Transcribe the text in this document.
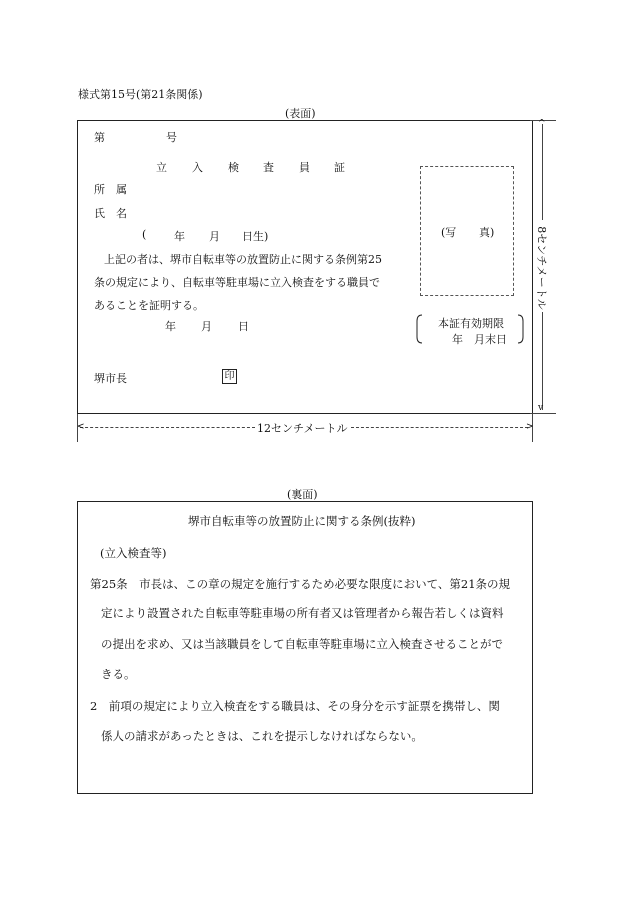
様式第15号(第21条関係)
(表面)
第	号
立 入 検 査 員 証
所 属
氏 名
(	年 月 日生)
上記の者は、堺市自転車等の放置防止に関する条例第25
条の規定により、自転車等駐車場に立入検査をする職員で
あることを証明する。
年 月 日
(写 真)
本証有効期限
年　月末日
堺市長	印
<	>
12センチメートル
^
v
8センチメートル
(裏面)
堺市自転車等の放置防止に関する条例(抜粋)
(立入検査等)
第25条　市長は、この章の規定を施行するため必要な限度において、第21条の規
定により設置された自転車等駐車場の所有者又は管理者から報告若しくは資料
の提出を求め、又は当該職員をして自転車等駐車場に立入検査させることがで
きる。
2　前項の規定により立入検査をする職員は、その身分を示す証票を携帯し、関
係人の請求があったときは、これを提示しなければならない。
